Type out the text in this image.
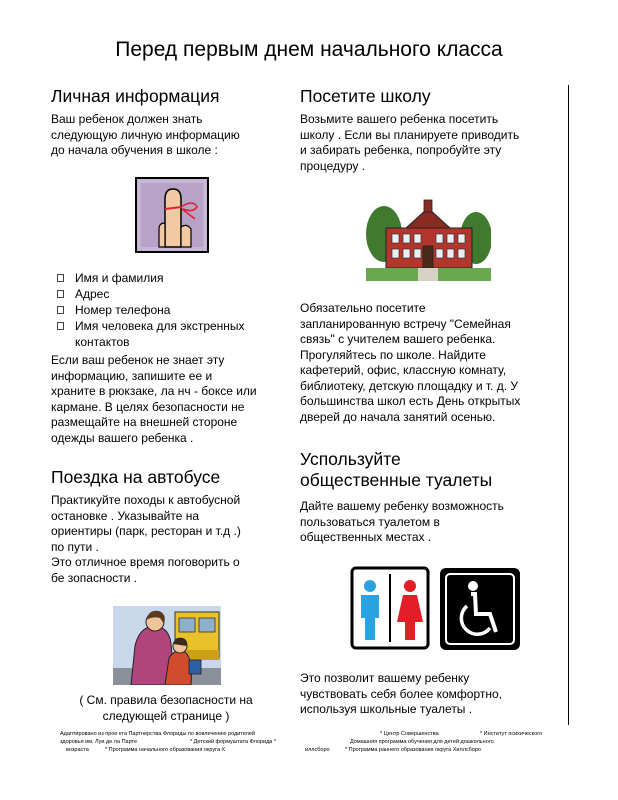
Перед первым днем начального класса
Личная информация

Ваш ребенок должен знать

следующую личную информацию

до начала обучения в школе :

Имя и фамилия
Адрес
Номер телефона
Имя человека для экстренных
контактов

Если ваш ребенок не знает эту

информацию, запишите ее и

храните в рюкзаке, ла нч - боксе или

кармане. В целях безопасности не

размещайте на внешней стороне

одежды вашего ребенка .

Поездка на автобусе

Практикуйте походы к автобусной

остановке . Указывайте на

ориентиры (парк, ресторан и т.д .)

по пути .

Это отличное время поговорить о

бе зопасности .

( См. правила безопасности на

следующей странице )

Посетите школу

Возьмите вашего ребенка посетить

школу . Если вы планируете приводить

и забирать ребенка, попробуйте эту

процедуру .

Обязательно посетите

запланированную встречу "Семейная

связь" с учителем вашего ребенка.

Прогуляйтесь по школе. Найдите

кафетерий, офис, классную комнату,

библиотеку, детскую площадку и т. д. У

большинства школ есть День открытых

дверей до начала занятий осенью.

Успользуйте
общественные туалеты

Дайте вашему ребенку возможность

пользоваться туалетом в

общественных местах .

Это позволит вашему ребенку

чувствовать себя более комфортно,

используя школьные туалеты .

Адаптировано из прое кта Партнерства Флориды по вовлечению родителей	* Центр Совершенства	* Институт психического
здоровья им. Луи де ла Парте	* Детский формуштата Флорида *	Домашняя программа обучения для детей дошкольного
возраста	* Программа начального образования округа Х	иллсборо	* Программа раннего образования округа Хиллсборо
